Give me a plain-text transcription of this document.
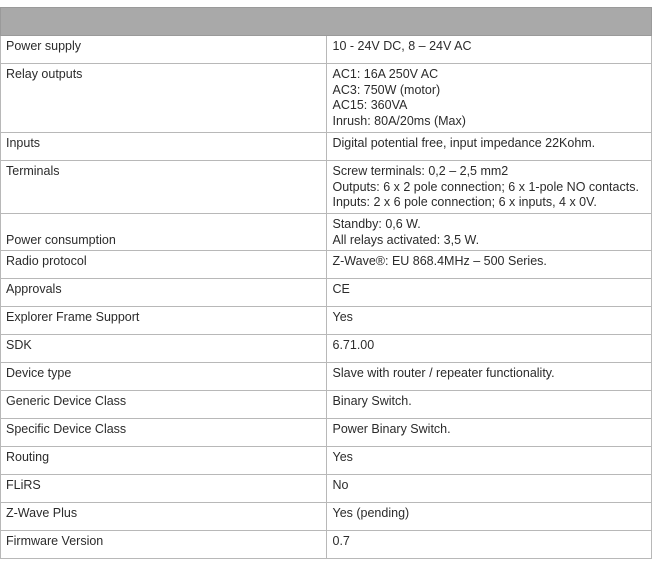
Power supply	10 - 24V DC, 8 – 24V AC

Relay outputs	AC1: 16A 250V AC
AC3: 750W (motor)
AC15: 360VA
Inrush: 80A/20ms (Max)

Inputs	Digital potential free, input impedance 22Kohm.

Terminals	Screw terminals: 0,2 – 2,5 mm2
Outputs: 6 x 2 pole connection; 6 x 1-pole NO contacts.
Inputs: 2 x 6 pole connection; 6 x inputs, 4 x 0V.

Power consumption	Standby: 0,6 W.
All relays activated: 3,5 W.

Radio protocol	Z-Wave®: EU 868.4MHz – 500 Series.

Approvals	CE

Explorer Frame Support	Yes

SDK	6.71.00

Device type	Slave with router / repeater functionality.

Generic Device Class	Binary Switch.

Specific Device Class	Power Binary Switch.

Routing	Yes

FLiRS	No

Z-Wave Plus	Yes (pending)

Firmware Version	0.7
